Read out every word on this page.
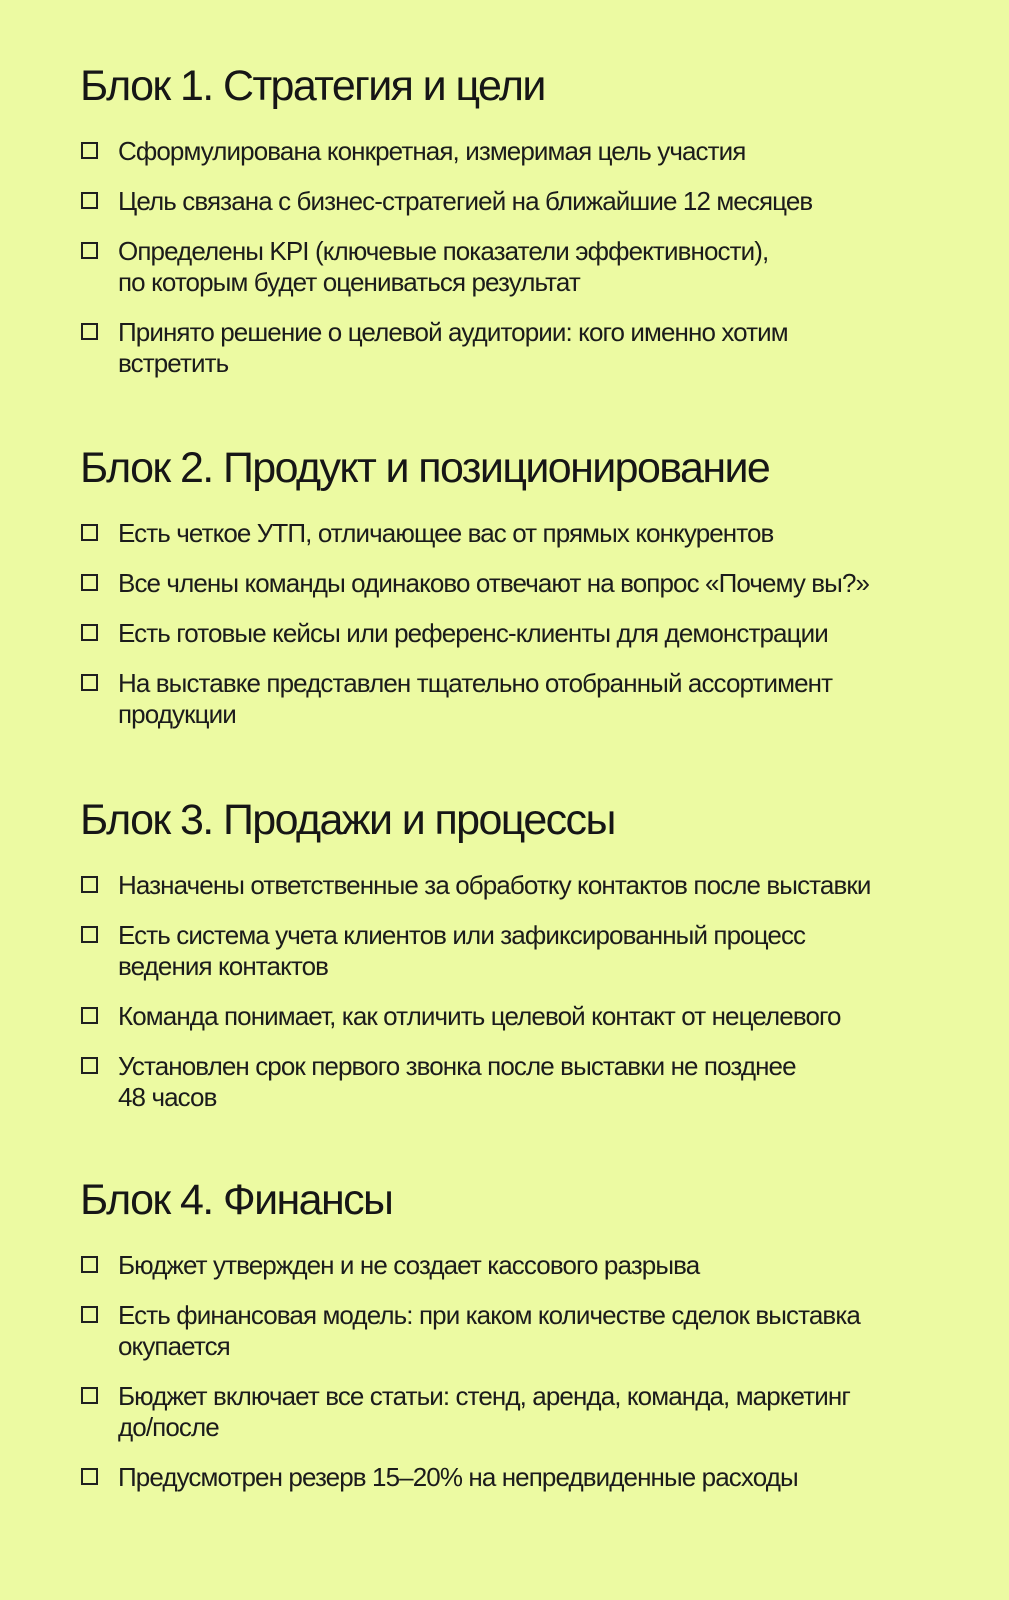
Блок 1. Стратегия и цели
Сформулирована конкретная, измеримая цель участия
Цель связана с бизнес-стратегией на ближайшие 12 месяцев
Определены KPI (ключевые показатели эффективности),
по которым будет оцениваться результат
Принято решение о целевой аудитории: кого именно хотим
встретить
Блок 2. Продукт и позиционирование
Есть четкое УТП, отличающее вас от прямых конкурентов
Все члены команды одинаково отвечают на вопрос «Почему вы?»
Есть готовые кейсы или референс-клиенты для демонстрации
На выставке представлен тщательно отобранный ассортимент
продукции
Блок 3. Продажи и процессы
Назначены ответственные за обработку контактов после выставки
Есть система учета клиентов или зафиксированный процесс
ведения контактов
Команда понимает, как отличить целевой контакт от нецелевого
Установлен срок первого звонка после выставки не позднее
48 часов
Блок 4. Финансы
Бюджет утвержден и не создает кассового разрыва
Есть финансовая модель: при каком количестве сделок выставка
окупается
Бюджет включает все статьи: стенд, аренда, команда, маркетинг
до/после
Предусмотрен резерв 15–20% на непредвиденные расходы
